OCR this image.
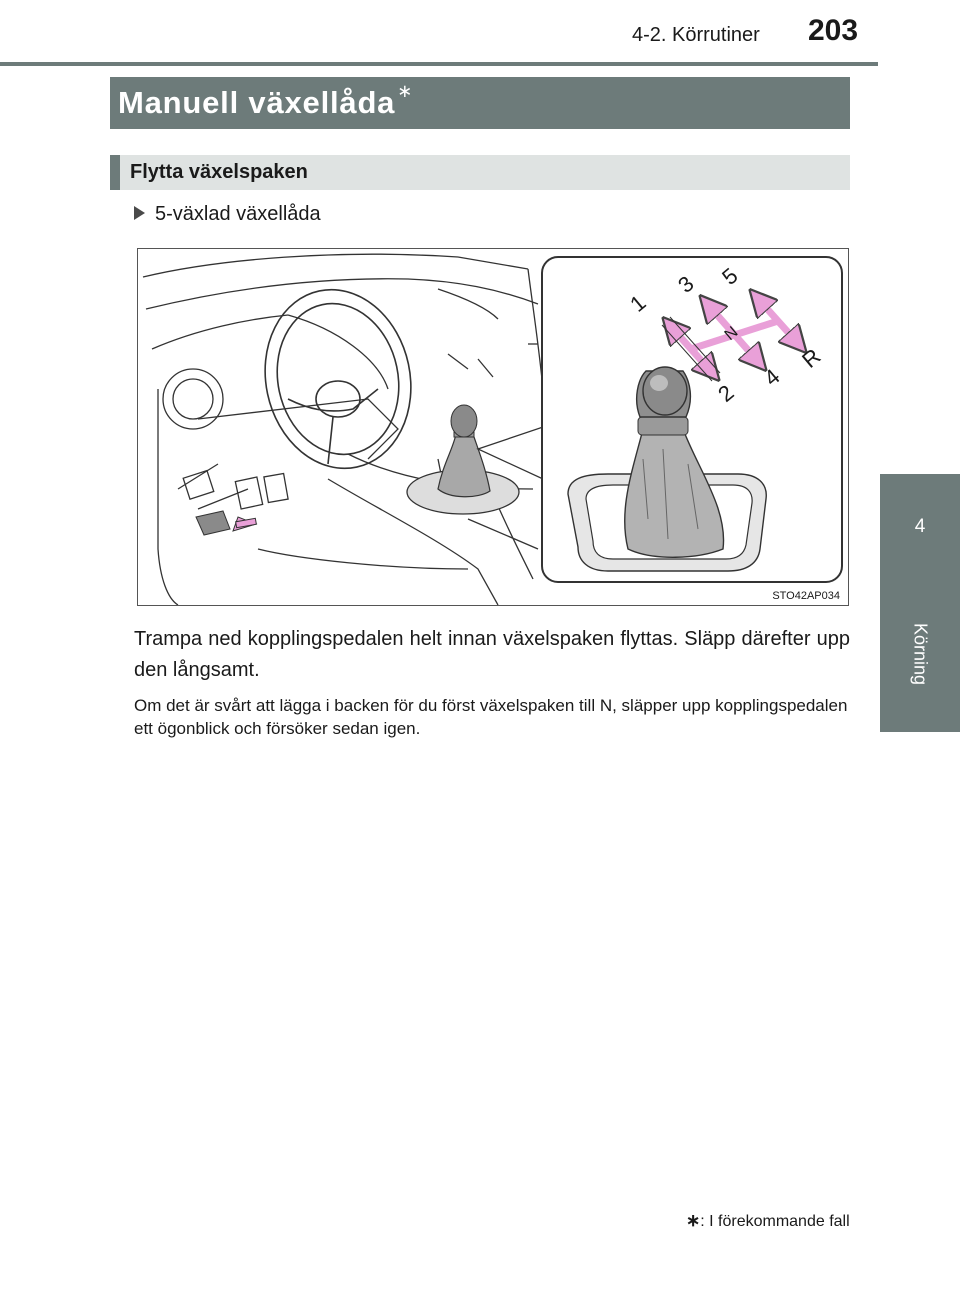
4-2. Körrutiner 203
4
Körning
Manuell växellåda ∗
Flytta växelspaken
5-växlad växellåda
1
3 5
2
4
R
N
STO42AP034
Trampa ned kopplingspedalen helt innan växelspaken flyttas. Släpp därefter upp den långsamt.
Om det är svårt att lägga i backen för du först växelspaken till N, släpper upp kopplingspedalen ett ögonblick och försöker sedan igen.
∗: I förekommande fall
